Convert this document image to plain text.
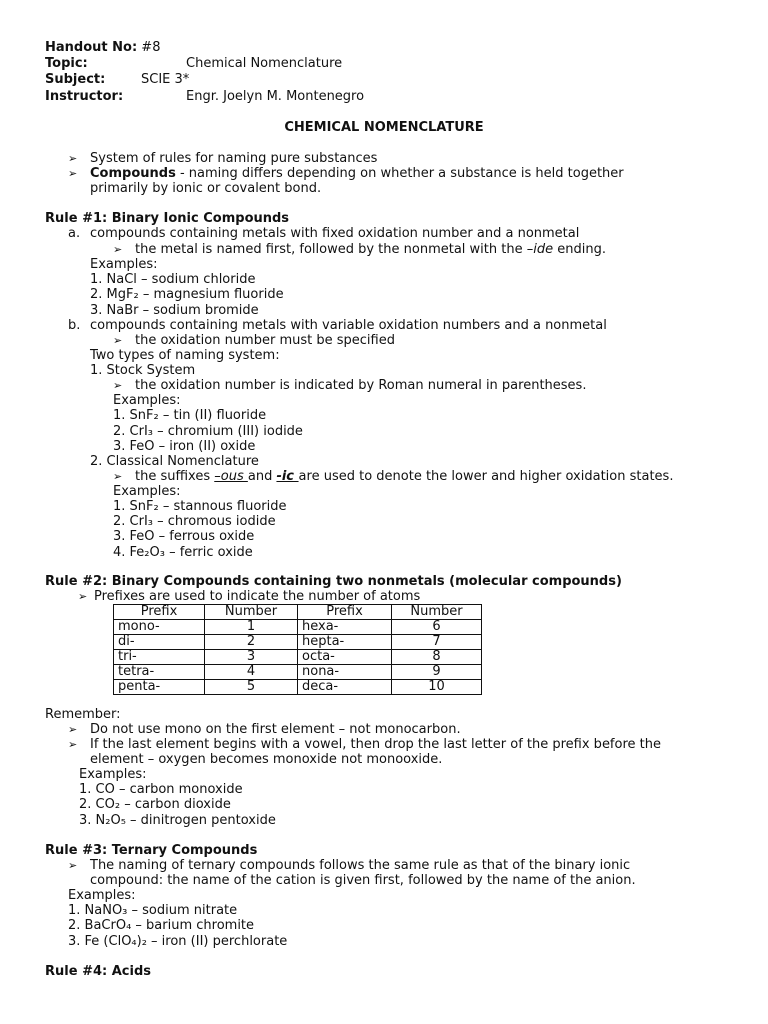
Handout No: #8
Topic:	Chemical Nomenclature
Subject:	SCIE 3*
Instructor:	Engr. Joelyn M. Montenegro
CHEMICAL NOMENCLATURE
➢ System of rules for naming pure substances
➢ Compounds - naming differs depending on whether a substance is held together
primarily by ionic or covalent bond.
Rule #1: Binary Ionic Compounds
a. compounds containing metals with fixed oxidation number and a nonmetal
➢ the metal is named first, followed by the nonmetal with the –ide ending.
Examples:
1. NaCl – sodium chloride
2. MgF₂ – magnesium fluoride
3. NaBr – sodium bromide
b. compounds containing metals with variable oxidation numbers and a nonmetal
➢ the oxidation number must be specified
Two types of naming system:
1. Stock System
➢ the oxidation number is indicated by Roman numeral in parentheses.
Examples:
1. SnF₂ – tin (II) fluoride
2. CrI₃ – chromium (III) iodide
3. FeO – iron (II) oxide
2. Classical Nomenclature
➢ the suffixes –ous and -ic are used to denote the lower and higher oxidation states.
Examples:
1. SnF₂ – stannous fluoride
2. CrI₃ – chromous iodide
3. FeO – ferrous oxide
4. Fe₂O₃ – ferric oxide
Rule #2: Binary Compounds containing two nonmetals (molecular compounds)
➢ Prefixes are used to indicate the number of atoms
Prefix	Number	Prefix	Number
mono-	1	hexa-	6
di-	2	hepta-	7
tri-	3	octa-	8
tetra-	4	nona-	9
penta-	5	deca-	10
Remember:
➢ Do not use mono on the first element – not monocarbon.
➢ If the last element begins with a vowel, then drop the last letter of the prefix before the
element – oxygen becomes monoxide not monooxide.
Examples:
1. CO – carbon monoxide
2. CO₂ – carbon dioxide
3. N₂O₅ – dinitrogen pentoxide
Rule #3: Ternary Compounds
➢ The naming of ternary compounds follows the same rule as that of the binary ionic
compound: the name of the cation is given first, followed by the name of the anion.
Examples:
1. NaNO₃ – sodium nitrate
2. BaCrO₄ – barium chromite
3. Fe (ClO₄)₂ – iron (II) perchlorate
Rule #4: Acids
